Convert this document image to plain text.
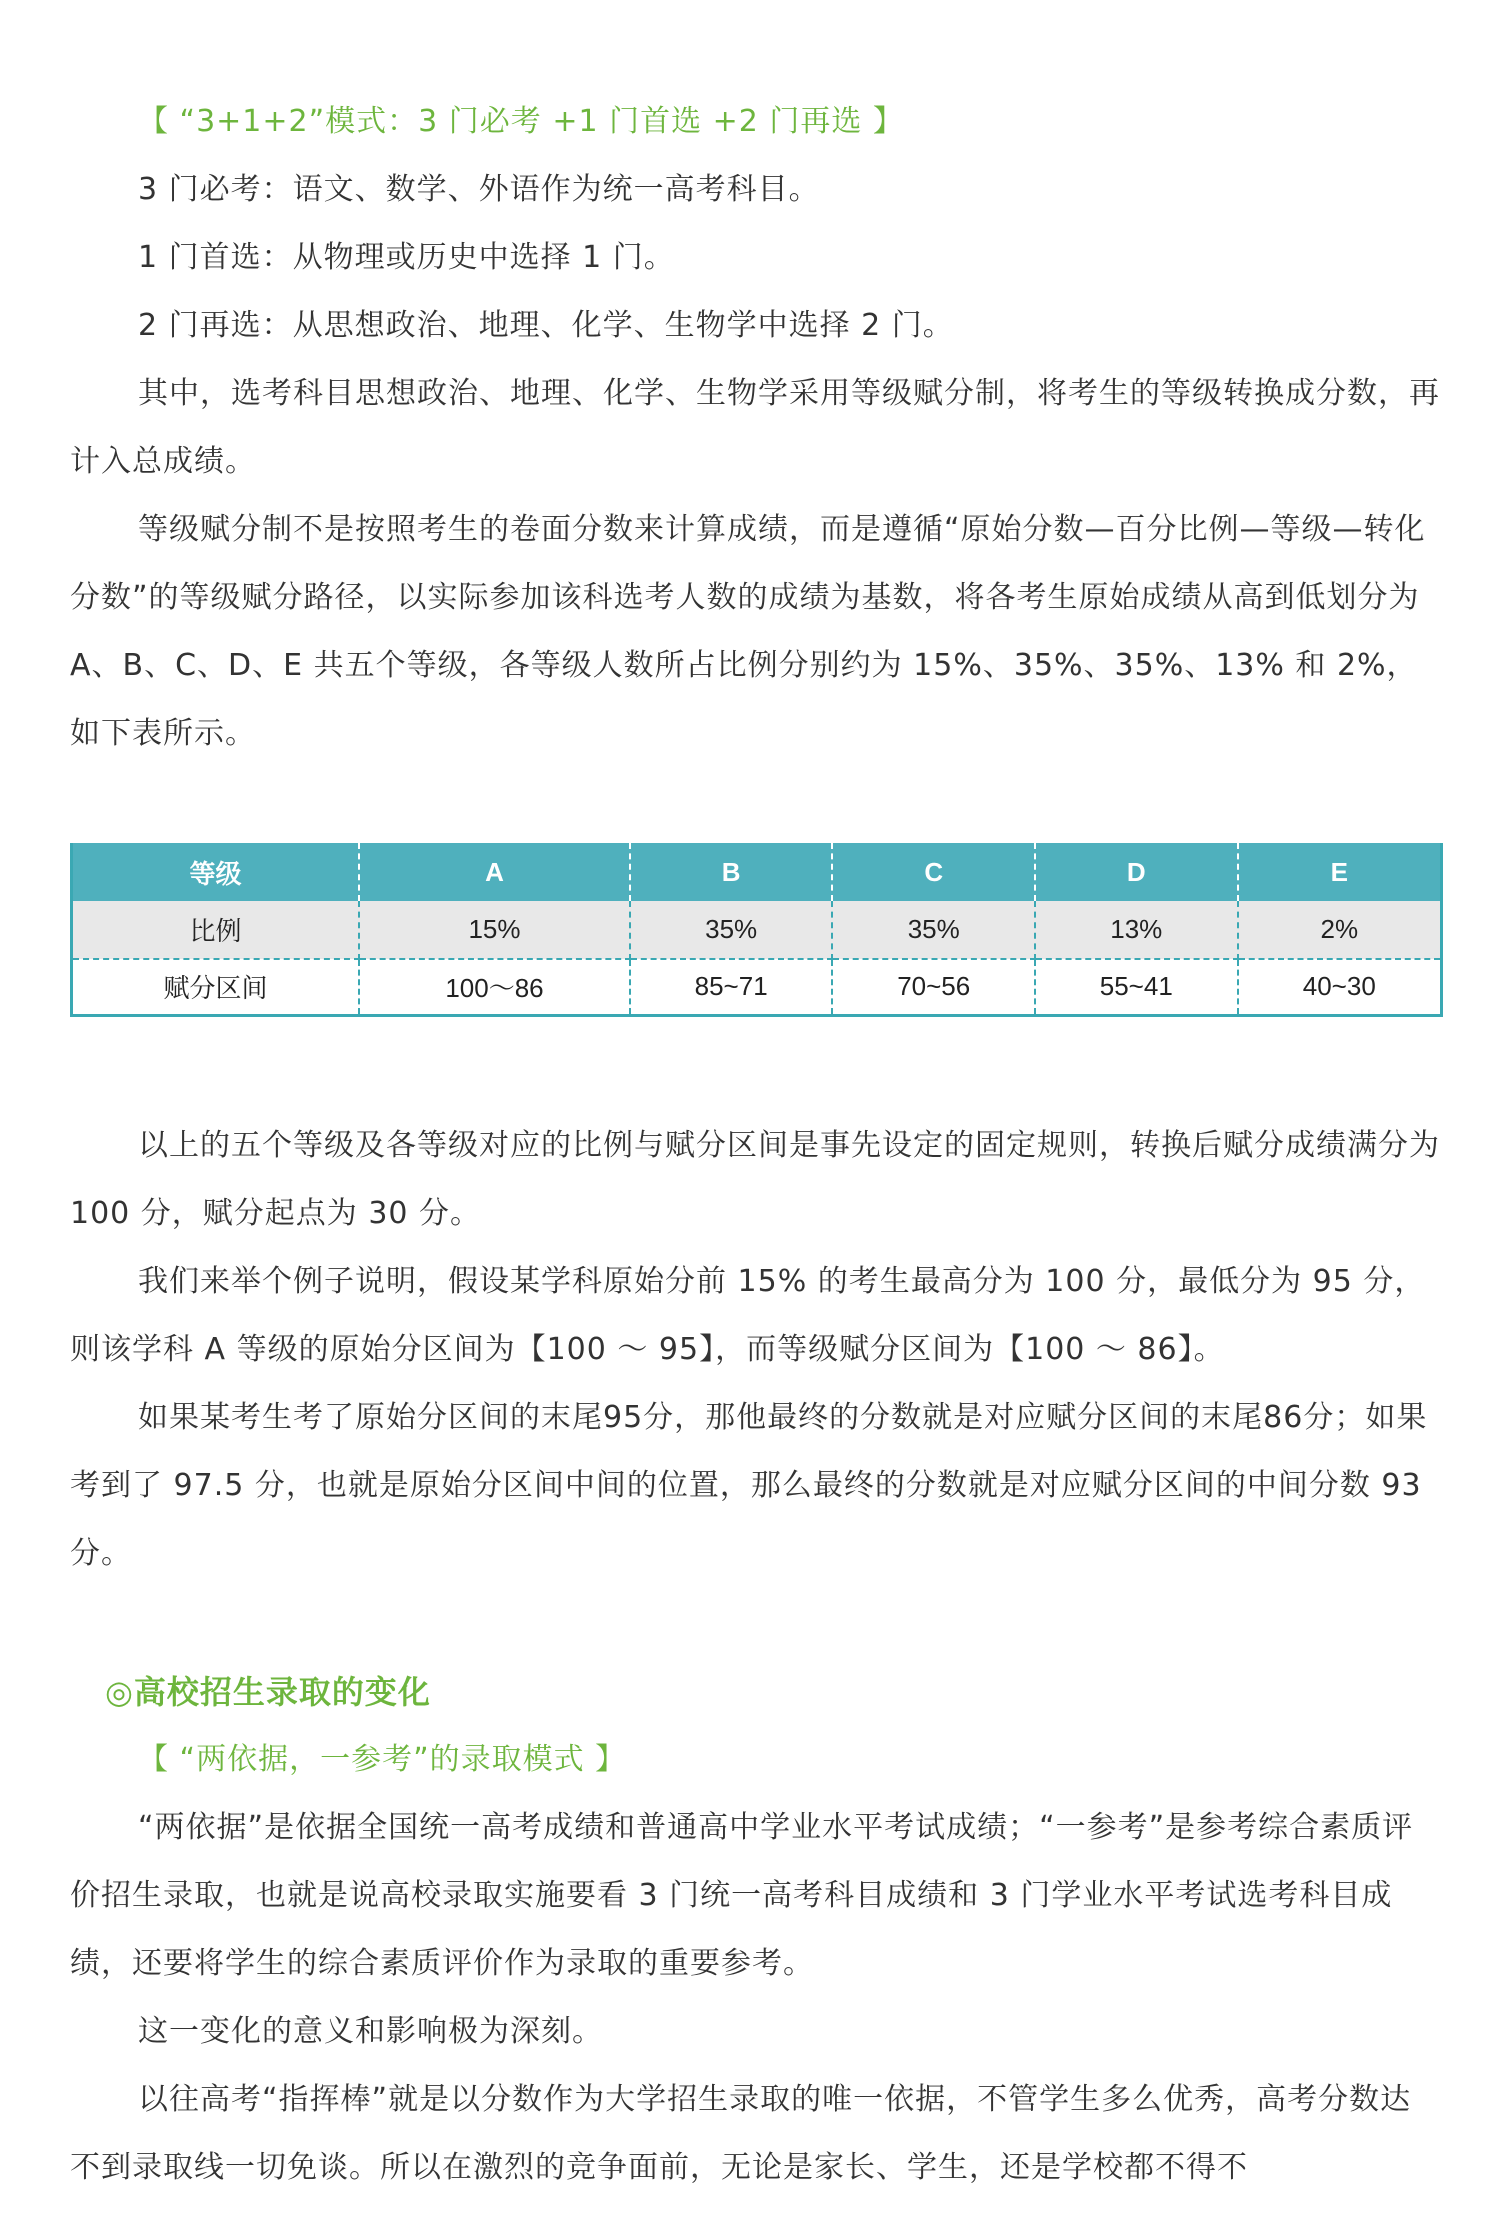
【 “3+1+2”模式：3 门必考 +1 门首选 +2 门再选 】

3 门必考：语文、数学、外语作为统一高考科目。

1 门首选：从物理或历史中选择 1 门。

2 门再选：从思想政治、地理、化学、生物学中选择 2 门。

其中，选考科目思想政治、地理、化学、生物学采用等级赋分制，将考生的等级转换成分数，再计入总成绩。

等级赋分制不是按照考生的卷面分数来计算成绩，而是遵循“原始分数—百分比例—等级—转化分数”的等级赋分路径，以实际参加该科选考人数的成绩为基数，将各考生原始成绩从高到低划分为 A、B、C、D、E 共五个等级，各等级人数所占比例分别约为 15%、35%、35%、13% 和 2%，如下表所示。

等级	A	B	C	D	E
比例	15%	35%	35%	13%	2%
赋分区间	100～86	85~71	70~56	55~41	40~30

以上的五个等级及各等级对应的比例与赋分区间是事先设定的固定规则，转换后赋分成绩满分为 100 分，赋分起点为 30 分。

我们来举个例子说明，假设某学科原始分前 15% 的考生最高分为 100 分，最低分为 95 分，则该学科 A 等级的原始分区间为【100 ～ 95】，而等级赋分区间为【100 ～ 86】。

如果某考生考了原始分区间的末尾95分，那他最终的分数就是对应赋分区间的末尾86分；如果考到了 97.5 分，也就是原始分区间中间的位置，那么最终的分数就是对应赋分区间的中间分数 93 分。

◎高校招生录取的变化

【 “两依据，一参考”的录取模式 】

“两依据”是依据全国统一高考成绩和普通高中学业水平考试成绩；“一参考”是参考综合素质评价招生录取，也就是说高校录取实施要看 3 门统一高考科目成绩和 3 门学业水平考试选考科目成绩，还要将学生的综合素质评价作为录取的重要参考。

这一变化的意义和影响极为深刻。

以往高考“指挥棒”就是以分数作为大学招生录取的唯一依据，不管学生多么优秀，高考分数达不到录取线一切免谈。所以在激烈的竞争面前，无论是家长、学生，还是学校都不得不
